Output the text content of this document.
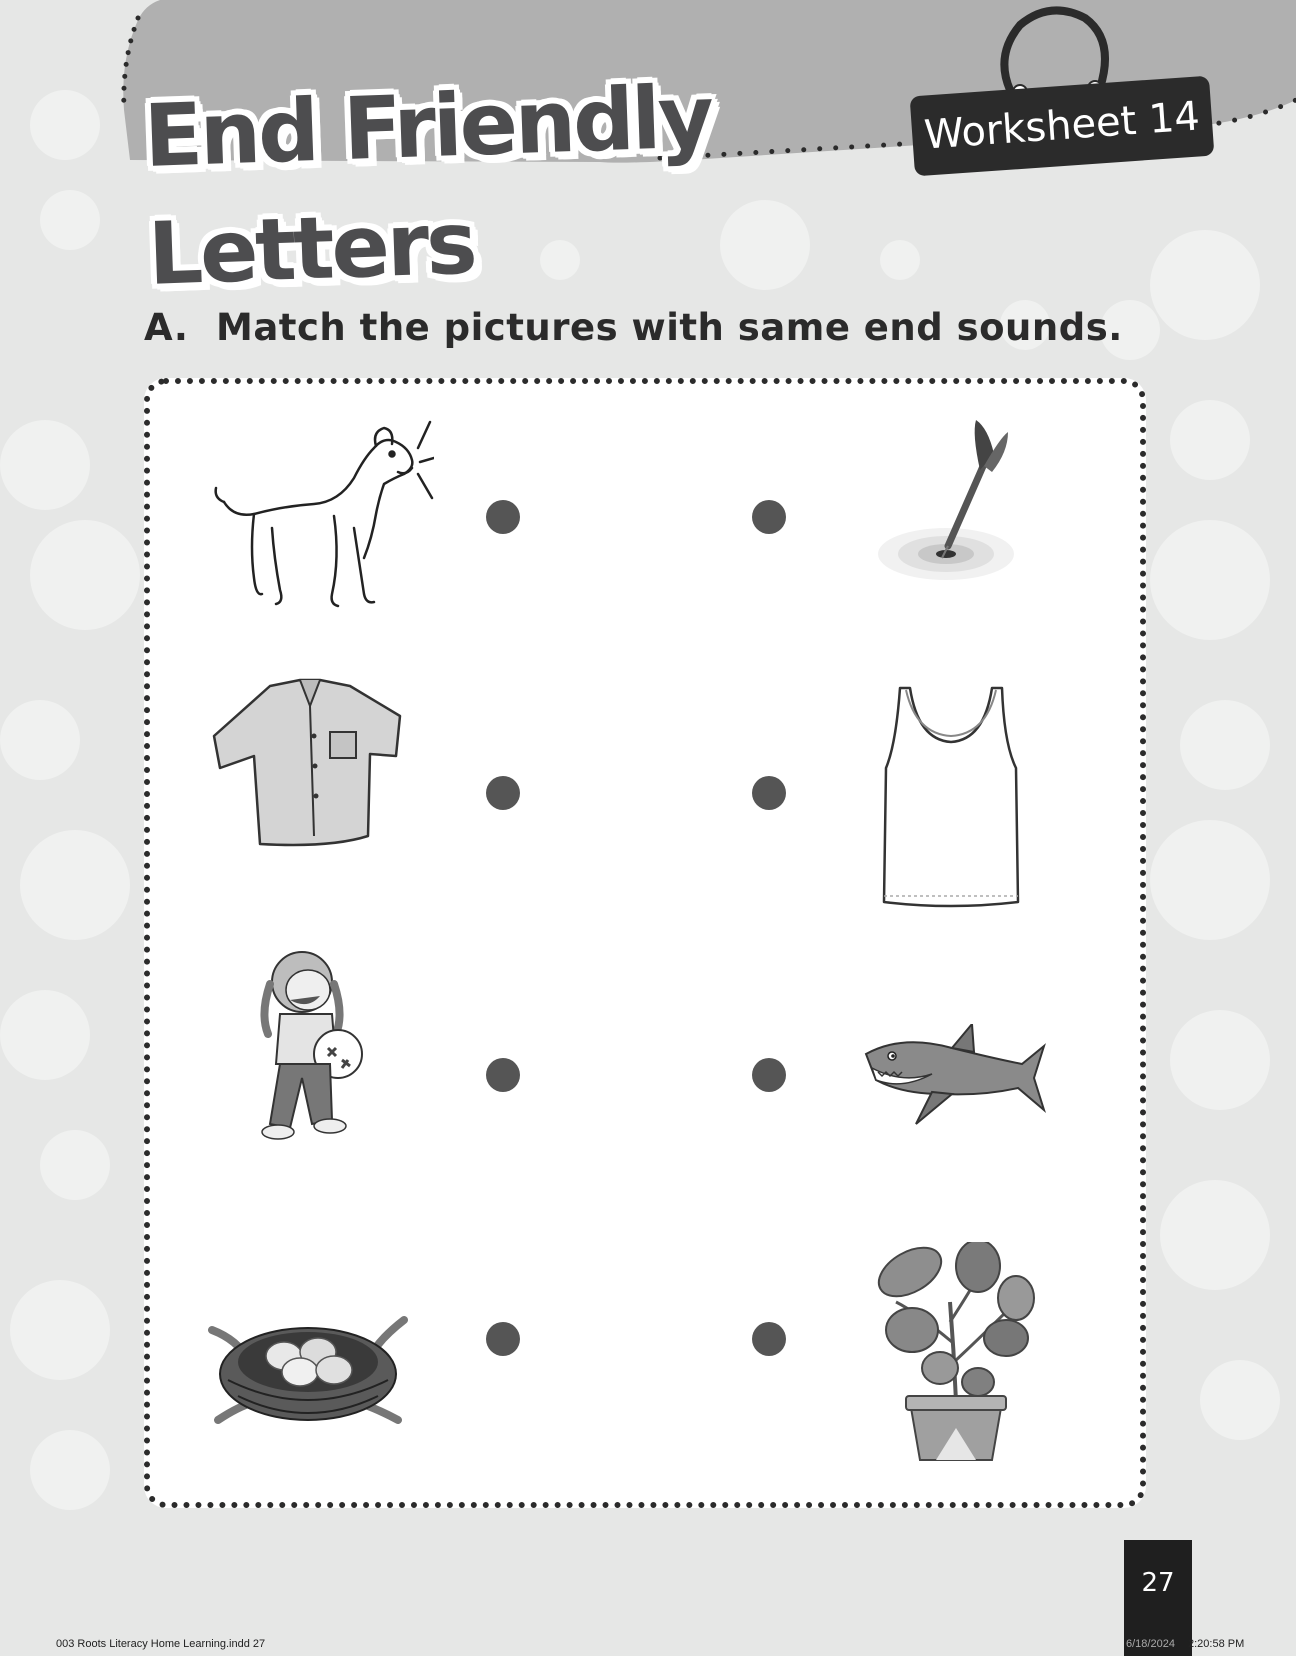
Worksheet 14
End Friendly
Letters

A. Match the pictures with same end sounds.

27
003 Roots Literacy Home Learning.indd 27	6/18/2024 2:20:58 PM
